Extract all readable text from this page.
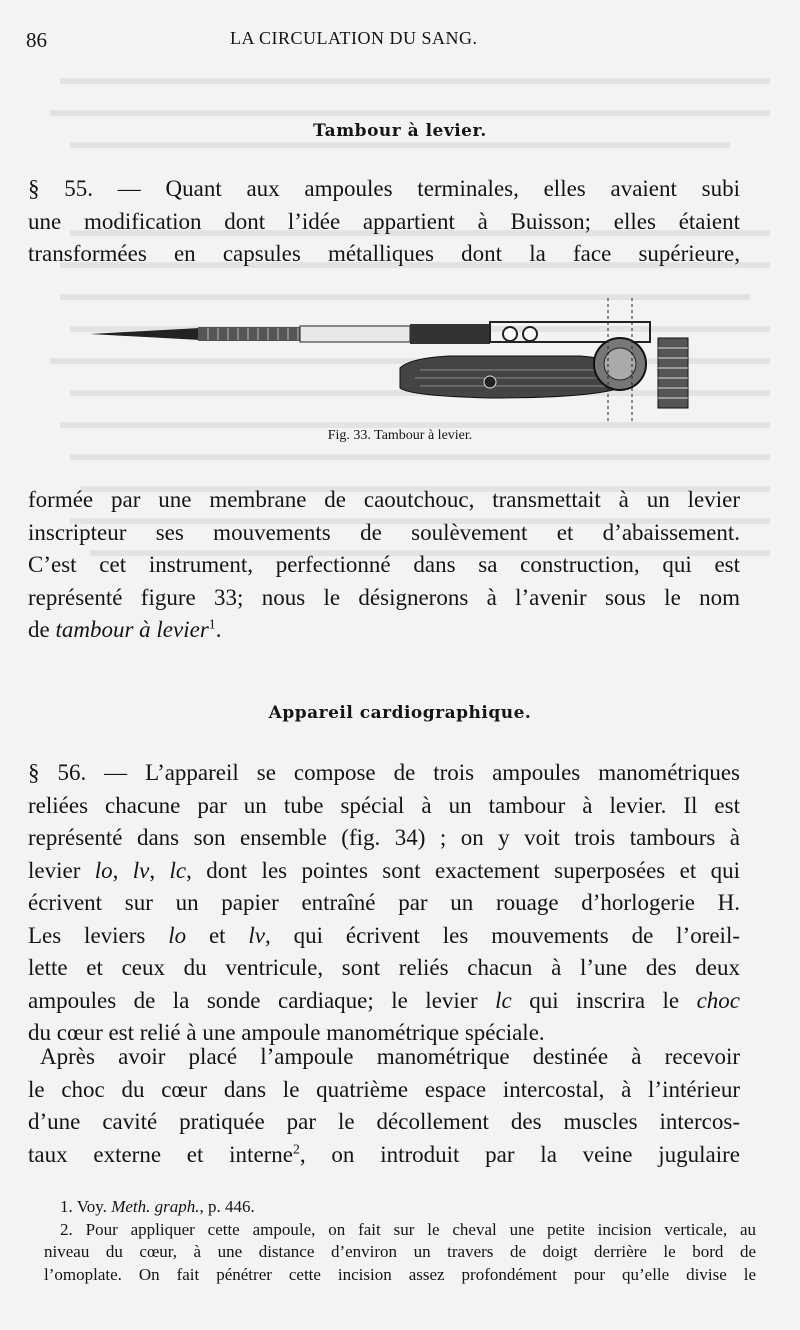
86	LA CIRCULATION DU SANG.
Tambour à levier.
§ 55. — Quant aux ampoules terminales, elles avaient subi
une modification dont l’idée appartient à Buisson; elles étaient
transformées en capsules métalliques dont la face supérieure,
Fig. 33. Tambour à levier.
formée par une membrane de caoutchouc, transmettait à un levier
inscripteur ses mouvements de soulèvement et d’abaissement.
C’est cet instrument, perfectionné dans sa construction, qui est
représenté figure 33; nous le désignerons à l’avenir sous le nom
de tambour à levier$^1$.
Appareil cardiographique.
§ 56. — L’appareil se compose de trois ampoules manométriques
reliées chacune par un tube spécial à un tambour à levier. Il est
représenté dans son ensemble (fig. 34) ; on y voit trois tambours à
levier lo, lv, lc, dont les pointes sont exactement superposées et qui
écrivent sur un papier entraîné par un rouage d’horlogerie H.
Les leviers lo et lv, qui écrivent les mouvements de l’oreil-
lette et ceux du ventricule, sont reliés chacun à l’une des deux
ampoules de la sonde cardiaque; le levier lc qui inscrira le choc
du cœur est relié à une ampoule manométrique spéciale.
Après avoir placé l’ampoule manométrique destinée à recevoir
le choc du cœur dans le quatrième espace intercostal, à l’intérieur
d’une cavité pratiquée par le décollement des muscles intercos-
taux externe et interne$^2$, on introduit par la veine jugulaire
1. Voy. Meth. graph., p. 446.
2. Pour appliquer cette ampoule, on fait sur le cheval une petite incision verticale, au
niveau du cœur, à une distance d’environ un travers de doigt derrière le bord de
l’omoplate. On fait pénétrer cette incision assez profondément pour qu’elle divise le
